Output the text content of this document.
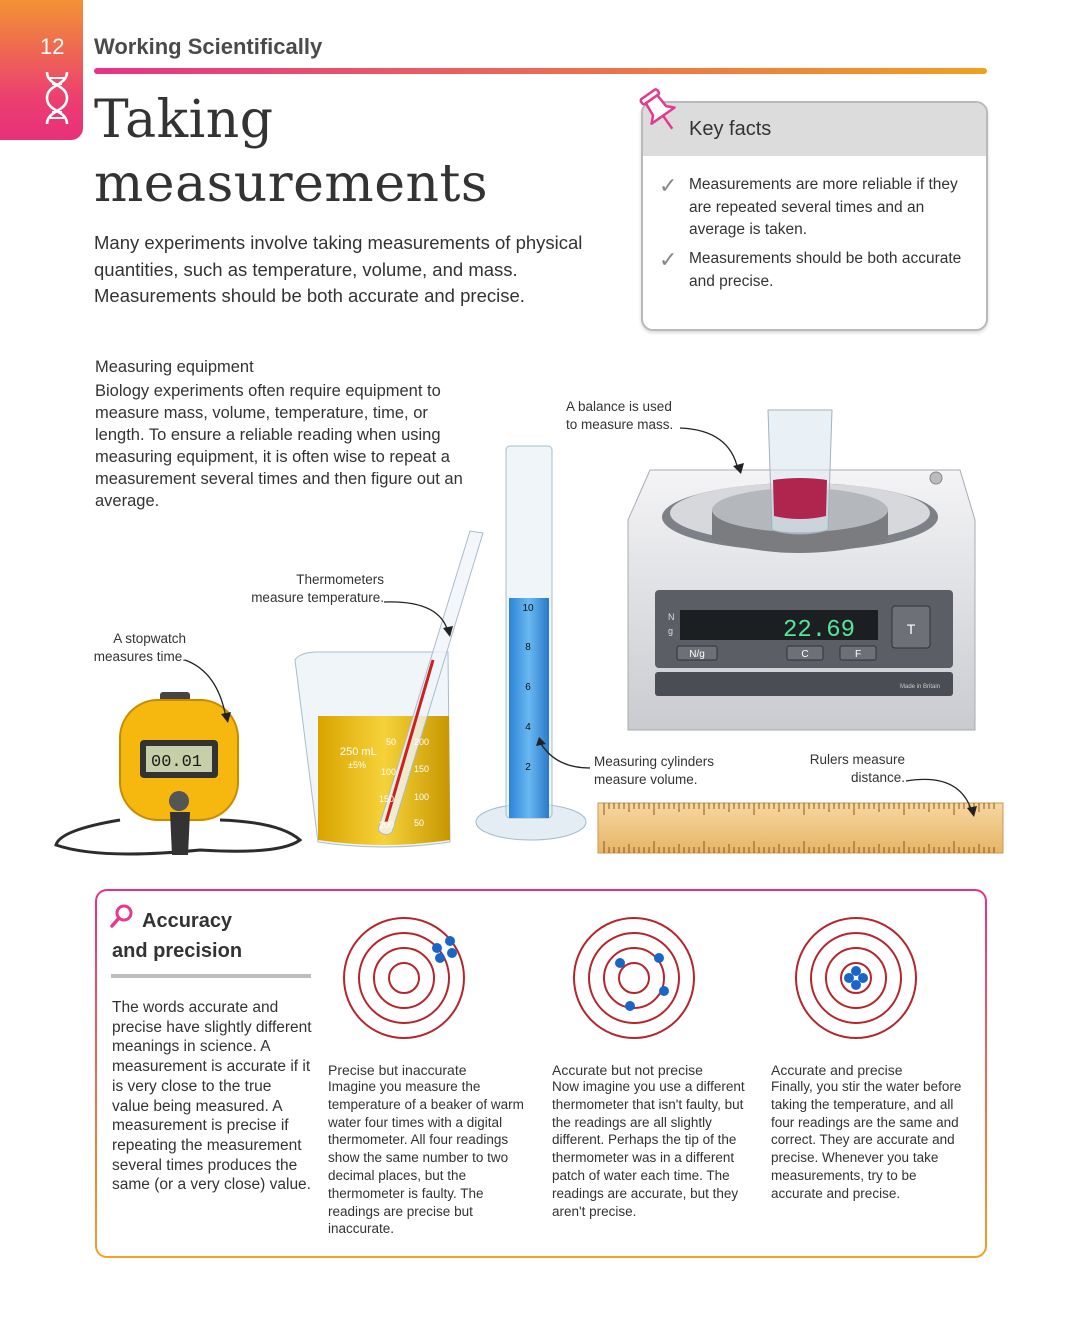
12 Working Scientifically
Taking
measurements
Many experiments involve taking measurements of physical quantities, such as temperature, volume, and mass. Measurements should be both accurate and precise.
Key facts
✓ Measurements are more reliable if they are repeated several times and an average is taken.
✓ Measurements should be both accurate and precise.
Measuring equipment
Biology experiments often require equipment to measure mass, volume, temperature, time, or length. To ensure a reliable reading when using measuring equipment, it is often wise to repeat a measurement several times and then figure out an average.
22.69	T
C	F
N/g
N
g
Made in Britain
10
8
6
4
2
250 mL
±5%
50
100
150
200
200
150
100
50
00.01
A balance is used
to measure mass.
Thermometers
measure temperature.
A stopwatch
measures time.
Measuring cylinders
measure volume.
Rulers measure
distance.
Accuracy
and precision
The words accurate and precise have slightly different meanings in science. A measurement is accurate if it is very close to the true value being measured. A measurement is precise if repeating the measurement several times produces the same (or a very close) value.
Precise but inaccurate
Imagine you measure the temperature of a beaker of warm water four times with a digital thermometer. All four readings show the same number to two decimal places, but the thermometer is faulty. The readings are precise but inaccurate.
Accurate but not precise
Now imagine you use a different thermometer that isn't faulty, but the readings are all slightly different. Perhaps the tip of the thermometer was in a different patch of water each time. The readings are accurate, but they aren't precise.
Accurate and precise
Finally, you stir the water before taking the temperature, and all four readings are the same and correct. They are accurate and precise. Whenever you take measurements, try to be accurate and precise.
